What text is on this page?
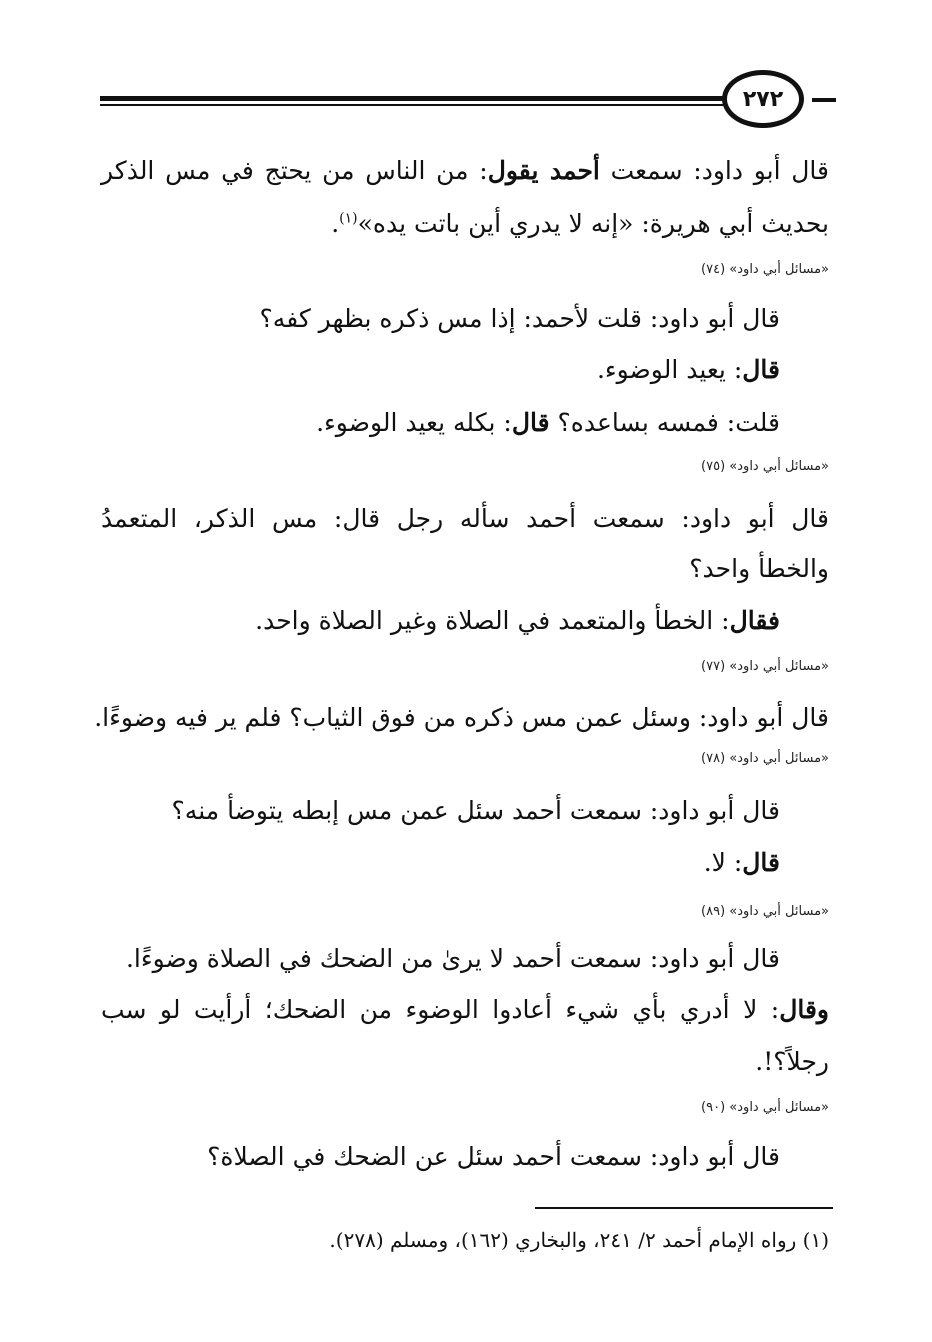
٢٧٢
قال أبو داود: سمعت أحمد يقول: من الناس من يحتج في مس الذكر
بحديث أبي هريرة: «إنه لا يدري أين باتت يده»$^{(١)}$.
«مسائل أبي داود» (٧٤)
قال أبو داود: قلت لأحمد: إذا مس ذكره بظهر كفه؟
قال: يعيد الوضوء.
قلت: فمسه بساعده؟ قال: بكله يعيد الوضوء.
«مسائل أبي داود» (٧٥)
قال أبو داود: سمعت أحمد سأله رجل قال: مس الذكر، المتعمدُ
والخطأ واحد؟
فقال: الخطأ والمتعمد في الصلاة وغير الصلاة واحد.
«مسائل أبي داود» (٧٧)
قال أبو داود: وسئل عمن مس ذكره من فوق الثياب؟ فلم ير فيه وضوءًا.
«مسائل أبي داود» (٧٨)
قال أبو داود: سمعت أحمد سئل عمن مس إبطه يتوضأ منه؟
قال: لا.
«مسائل أبي داود» (٨٩)
قال أبو داود: سمعت أحمد لا يرىٰ من الضحك في الصلاة وضوءًا.
وقال: لا أدري بأي شيء أعادوا الوضوء من الضحك؛ أرأيت لو سب
رجلاً؟!.
«مسائل أبي داود» (٩٠)
قال أبو داود: سمعت أحمد سئل عن الضحك في الصلاة؟
(١) رواه الإمام أحمد ٢/ ٢٤١، والبخاري (١٦٢)، ومسلم (٢٧٨).
